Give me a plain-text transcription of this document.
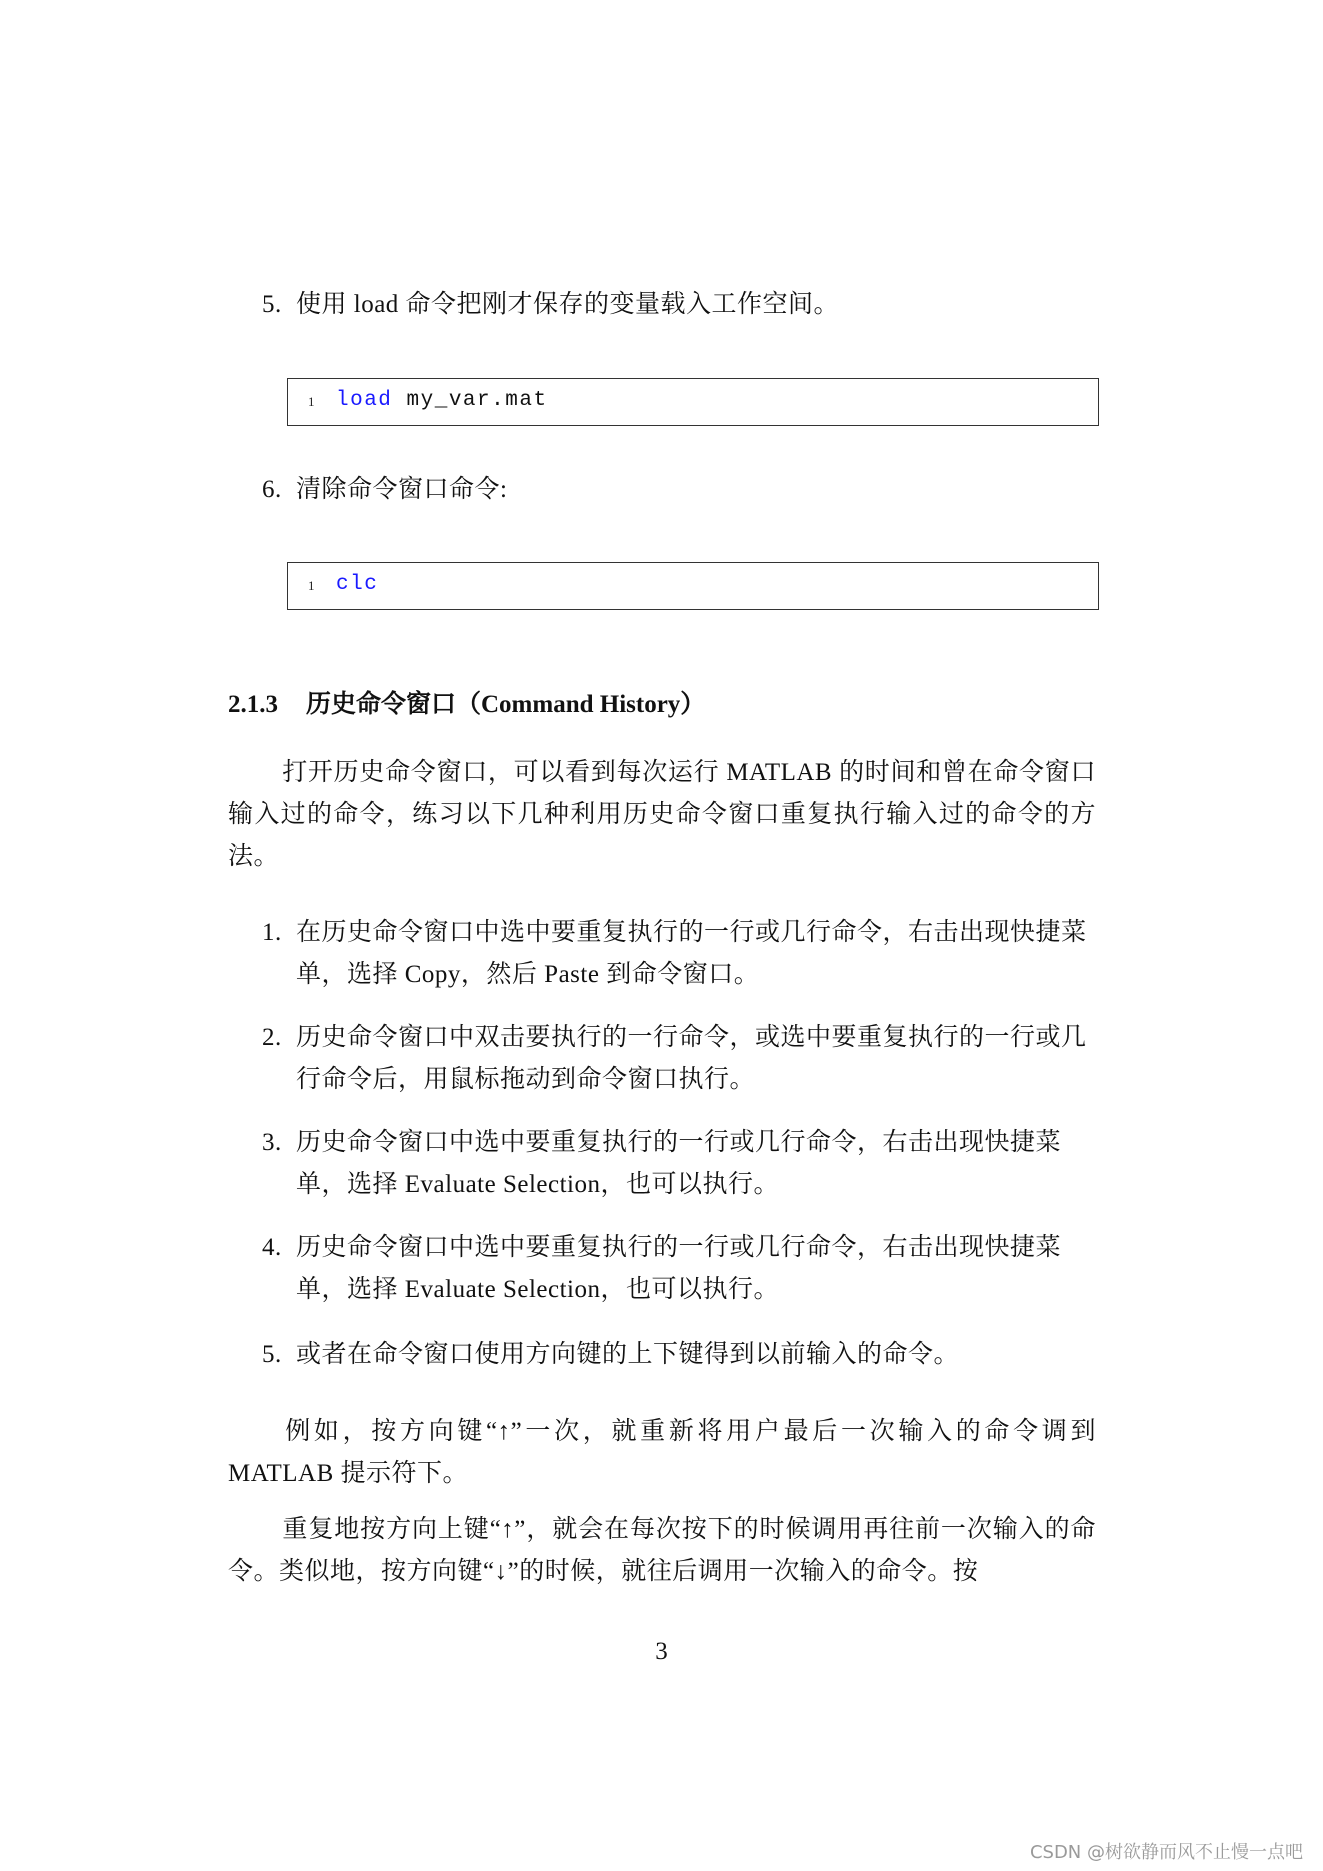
5. 使用 load 命令把刚才保存的变量载入工作空间。
1 load my_var.mat
6. 清除命令窗口命令:
1 clc
2.1.3 历史命令窗口（Command History）
打开历史命令窗口，可以看到每次运行 MATLAB 的时间和曾在命令窗口输入过的命令，练习以下几种利用历史命令窗口重复执行输入过的命令的方法。
1. 在历史命令窗口中选中要重复执行的一行或几行命令，右击出现快捷菜单，选择 Copy，然后 Paste 到命令窗口。
2. 历史命令窗口中双击要执行的一行命令，或选中要重复执行的一行或几行命令后，用鼠标拖动到命令窗口执行。
3. 历史命令窗口中选中要重复执行的一行或几行命令，右击出现快捷菜单，选择 Evaluate Selection，也可以执行。
4. 历史命令窗口中选中要重复执行的一行或几行命令，右击出现快捷菜单，选择 Evaluate Selection，也可以执行。
5. 或者在命令窗口使用方向键的上下键得到以前输入的命令。
例如，按方向键“↑”一次，就重新将用户最后一次输入的命令调到 MATLAB 提示符下。
重复地按方向上键“↑”，就会在每次按下的时候调用再往前一次输入的命令。类似地，按方向键“↓”的时候，就往后调用一次输入的命令。按
3
CSDN @树欲静而风不止慢一点吧
